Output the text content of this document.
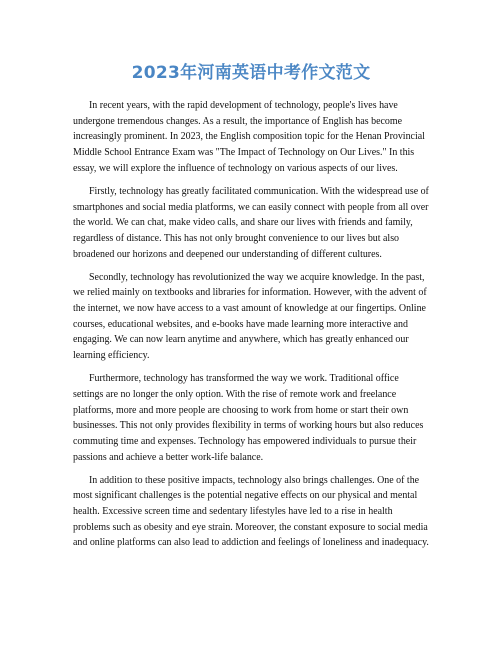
2023年河南英语中考作文范文

In recent years, with the rapid development of technology, people's lives have undergone tremendous changes. As a result, the importance of English has become increasingly prominent. In 2023, the English composition topic for the Henan Provincial Middle School Entrance Exam was "The Impact of Technology on Our Lives." In this essay, we will explore the influence of technology on various aspects of our lives.

Firstly, technology has greatly facilitated communication. With the widespread use of smartphones and social media platforms, we can easily connect with people from all over the world. We can chat, make video calls, and share our lives with friends and family, regardless of distance. This has not only brought convenience to our lives but also broadened our horizons and deepened our understanding of different cultures.

Secondly, technology has revolutionized the way we acquire knowledge. In the past, we relied mainly on textbooks and libraries for information. However, with the advent of the internet, we now have access to a vast amount of knowledge at our fingertips. Online courses, educational websites, and e-books have made learning more interactive and engaging. We can now learn anytime and anywhere, which has greatly enhanced our learning efficiency.

Furthermore, technology has transformed the way we work. Traditional office settings are no longer the only option. With the rise of remote work and freelance platforms, more and more people are choosing to work from home or start their own businesses. This not only provides flexibility in terms of working hours but also reduces commuting time and expenses. Technology has empowered individuals to pursue their passions and achieve a better work-life balance.

In addition to these positive impacts, technology also brings challenges. One of the most significant challenges is the potential negative effects on our physical and mental health. Excessive screen time and sedentary lifestyles have led to a rise in health problems such as obesity and eye strain. Moreover, the constant exposure to social media and online platforms can also lead to addiction and feelings of loneliness and inadequacy.
